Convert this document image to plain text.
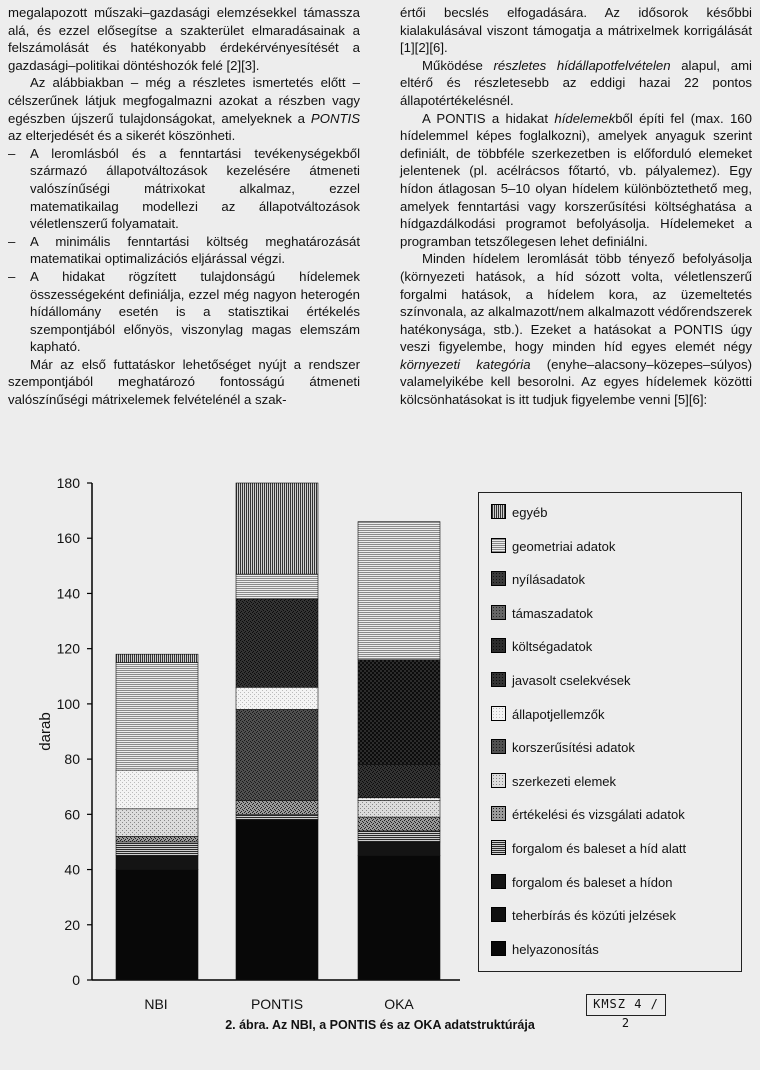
megalapozott műszaki–gazdasági elemzésekkel támassza alá, és ezzel elősegítse a szakterület elmaradásainak a felszámolását és hatékonyabb érdekérvényesítését a gazdasági–politikai döntéshozók felé [2][3].

Az alábbiakban – még a részletes ismertetés előtt – célszerűnek látjuk megfogalmazni azokat a részben vagy egészben újszerű tulajdonságokat, amelyeknek a PONTIS az elterjedését és a sikerét köszönheti.

– A leromlásból és a fenntartási tevékenységekből származó állapotváltozások kezelésére átmeneti valószínűségi mátrixokat alkalmaz, ezzel matematikailag modellezi az állapotváltozások véletlenszerű folyamatait.

– A minimális fenntartási költség meghatározását matematikai optimalizációs eljárással végzi.

– A hidakat rögzített tulajdonságú hídelemek összességeként definiálja, ezzel még nagyon heterogén hídállomány esetén is a statisztikai értékelés szempontjából előnyös, viszonylag magas elemszám kapható.

Már az első futtatáskor lehetőséget nyújt a rendszer szempontjából meghatározó fontosságú átmeneti valószínűségi mátrixelemek felvételénél a szak-

értői becslés elfogadására. Az idősorok későbbi kialakulásával viszont támogatja a mátrixelmek korrigálását [1][2][6].

Működése részletes hídállapotfelvételen alapul, ami eltérő és részletesebb az eddigi hazai 22 pontos állapotértékelésnél.

A PONTIS a hidakat hídelemekből építi fel (max. 160 hídelemmel képes foglalkozni), amelyek anyaguk szerint definiált, de többféle szerkezetben is előforduló elemeket jelentenek (pl. acélrácsos főtartó, vb. pályalemez). Egy hídon átlagosan 5–10 olyan hídelem különböztethető meg, amelyek fenntartási vagy korszerűsítési költséghatása a hídgazdálkodási programot befolyásolja. Hídelemeket a programban tetszőlegesen lehet definiálni.

Minden hídelem leromlását több tényező befolyásolja (környezeti hatások, a híd sózott volta, véletlenszerű forgalmi hatások, a hídelem kora, az üzemeltetés színvonala, az alkalmazott/nem alkalmazott védőrendszerek hatékonysága, stb.). Ezeket a hatásokat a PONTIS úgy veszi figyelembe, hogy minden híd egyes elemét négy környezeti kategória (enyhe–alacsony–közepes–súlyos) valamelyikébe kell besorolni. Az egyes hídelemek közötti kölcsönhatásokat is itt tudjuk figyelembe venni [5][6]:

0
20
40
60
80
100
120
140
160
180
darab
NBI	PONTIS	OKA
egyéb
geometriai adatok
nyílásadatok
támaszadatok
költségadatok
javasolt cselekvések
állapotjellemzők
korszerűsítési adatok
szerkezeti elemek
értékelési és vizsgálati adatok
forgalom és baleset a híd alatt
forgalom és baleset a hídon
teherbírás és közúti jelzések
helyazonosítás
KMSZ 4 / 2
2. ábra. Az NBI, a PONTIS és az OKA adatstruktúrája
